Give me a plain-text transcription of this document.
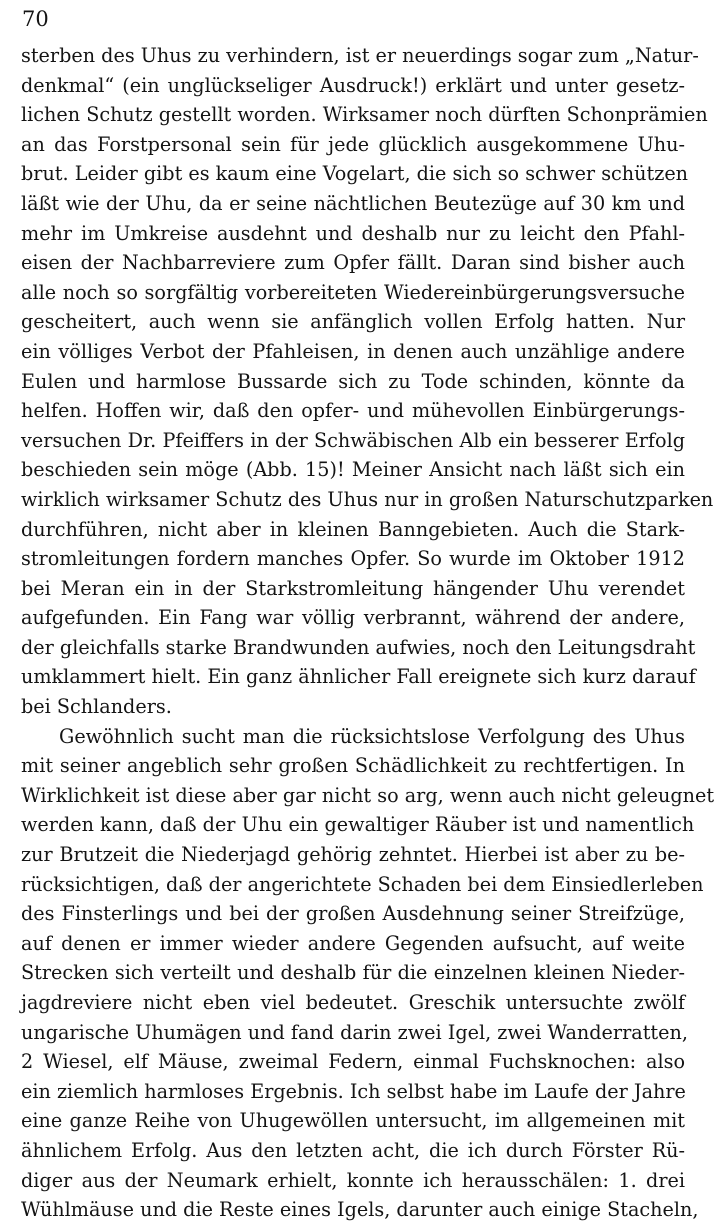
70
sterben des Uhus zu verhindern, ist er neuerdings sogar zum „Natur-
denkmal“ (ein unglückseliger Ausdruck!) erklärt und unter gesetz-
lichen Schutz gestellt worden. Wirksamer noch dürften Schonprämien
an das Forstpersonal sein für jede glücklich ausgekommene Uhu-
brut. Leider gibt es kaum eine Vogelart, die sich so schwer schützen
läßt wie der Uhu, da er seine nächtlichen Beutezüge auf 30 km und
mehr im Umkreise ausdehnt und deshalb nur zu leicht den Pfahl-
eisen der Nachbarreviere zum Opfer fällt. Daran sind bisher auch
alle noch so sorgfältig vorbereiteten Wiedereinbürgerungsversuche
gescheitert, auch wenn sie anfänglich vollen Erfolg hatten. Nur
ein völliges Verbot der Pfahleisen, in denen auch unzählige andere
Eulen und harmlose Bussarde sich zu Tode schinden, könnte da
helfen. Hoffen wir, daß den opfer- und mühevollen Einbürgerungs-
versuchen Dr. Pfeiffers in der Schwäbischen Alb ein besserer Erfolg
beschieden sein möge (Abb. 15)! Meiner Ansicht nach läßt sich ein
wirklich wirksamer Schutz des Uhus nur in großen Naturschutzparken
durchführen, nicht aber in kleinen Banngebieten. Auch die Stark-
stromleitungen fordern manches Opfer. So wurde im Oktober 1912
bei Meran ein in der Starkstromleitung hängender Uhu verendet
aufgefunden. Ein Fang war völlig verbrannt, während der andere,
der gleichfalls starke Brandwunden aufwies, noch den Leitungsdraht
umklammert hielt. Ein ganz ähnlicher Fall ereignete sich kurz darauf
bei Schlanders.
Gewöhnlich sucht man die rücksichtslose Verfolgung des Uhus
mit seiner angeblich sehr großen Schädlichkeit zu rechtfertigen. In
Wirklichkeit ist diese aber gar nicht so arg, wenn auch nicht geleugnet
werden kann, daß der Uhu ein gewaltiger Räuber ist und namentlich
zur Brutzeit die Niederjagd gehörig zehntet. Hierbei ist aber zu be-
rücksichtigen, daß der angerichtete Schaden bei dem Einsiedlerleben
des Finsterlings und bei der großen Ausdehnung seiner Streifzüge,
auf denen er immer wieder andere Gegenden aufsucht, auf weite
Strecken sich verteilt und deshalb für die einzelnen kleinen Nieder-
jagdreviere nicht eben viel bedeutet. Greschik untersuchte zwölf
ungarische Uhumägen und fand darin zwei Igel, zwei Wanderratten,
2 Wiesel, elf Mäuse, zweimal Federn, einmal Fuchsknochen: also
ein ziemlich harmloses Ergebnis. Ich selbst habe im Laufe der Jahre
eine ganze Reihe von Uhugewöllen untersucht, im allgemeinen mit
ähnlichem Erfolg. Aus den letzten acht, die ich durch Förster Rü-
diger aus der Neumark erhielt, konnte ich herausschälen: 1. drei
Wühlmäuse und die Reste eines Igels, darunter auch einige Stacheln,
